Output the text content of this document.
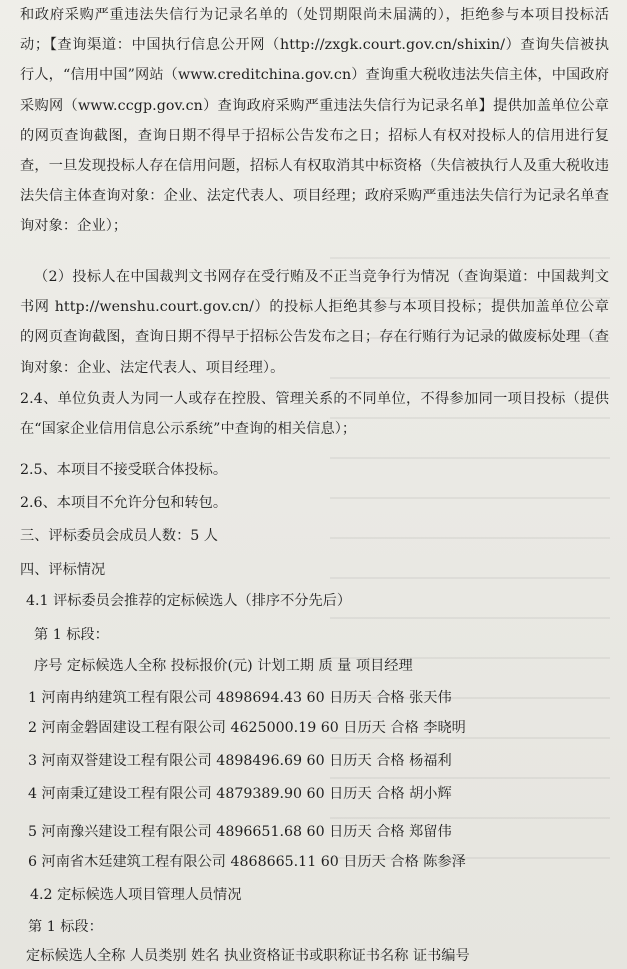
和政府采购严重违法失信行为记录名单的（处罚期限尚未届满的），拒绝参与本项目投标活动；【查询渠道：中国执行信息公开网（http://zxgk.court.gov.cn/shixin/）查询失信被执行人，“信用中国”网站（www.creditchina.gov.cn）查询重大税收违法失信主体，中国政府采购网（www.ccgp.gov.cn）查询政府采购严重违法失信行为记录名单】提供加盖单位公章的网页查询截图，查询日期不得早于招标公告发布之日；招标人有权对投标人的信用进行复查，一旦发现投标人存在信用问题，招标人有权取消其中标资格（失信被执行人及重大税收违法失信主体查询对象：企业、法定代表人、项目经理；政府采购严重违法失信行为记录名单查询对象：企业）；
（2）投标人在中国裁判文书网存在受行贿及不正当竞争行为情况（查询渠道：中国裁判文书网 http://wenshu.court.gov.cn/）的投标人拒绝其参与本项目投标；提供加盖单位公章的网页查询截图，查询日期不得早于招标公告发布之日；存在行贿行为记录的做废标处理（查询对象：企业、法定代表人、项目经理）。
2.4、单位负责人为同一人或存在控股、管理关系的不同单位，不得参加同一项目投标（提供在“国家企业信用信息公示系统”中查询的相关信息）；
2.5、本项目不接受联合体投标。
2.6、本项目不允许分包和转包。
三、评标委员会成员人数：5 人
四、评标情况
4.1 评标委员会推荐的定标候选人（排序不分先后）
第 1 标段：
序号 定标候选人全称 投标报价(元) 计划工期 质 量 项目经理
1 河南冉纳建筑工程有限公司 4898694.43 60 日历天 合格 张天伟
2 河南金磐固建设工程有限公司 4625000.19 60 日历天 合格 李晓明
3 河南双誉建设工程有限公司 4898496.69 60 日历天 合格 杨福利
4 河南秉辽建设工程有限公司 4879389.90 60 日历天 合格 胡小辉
5 河南豫兴建设工程有限公司 4896651.68 60 日历天 合格 郑留伟
6 河南省木廷建筑工程有限公司 4868665.11 60 日历天 合格 陈参泽
4.2 定标候选人项目管理人员情况
第 1 标段：
定标候选人全称 人员类别 姓名 执业资格证书或职称证书名称 证书编号
